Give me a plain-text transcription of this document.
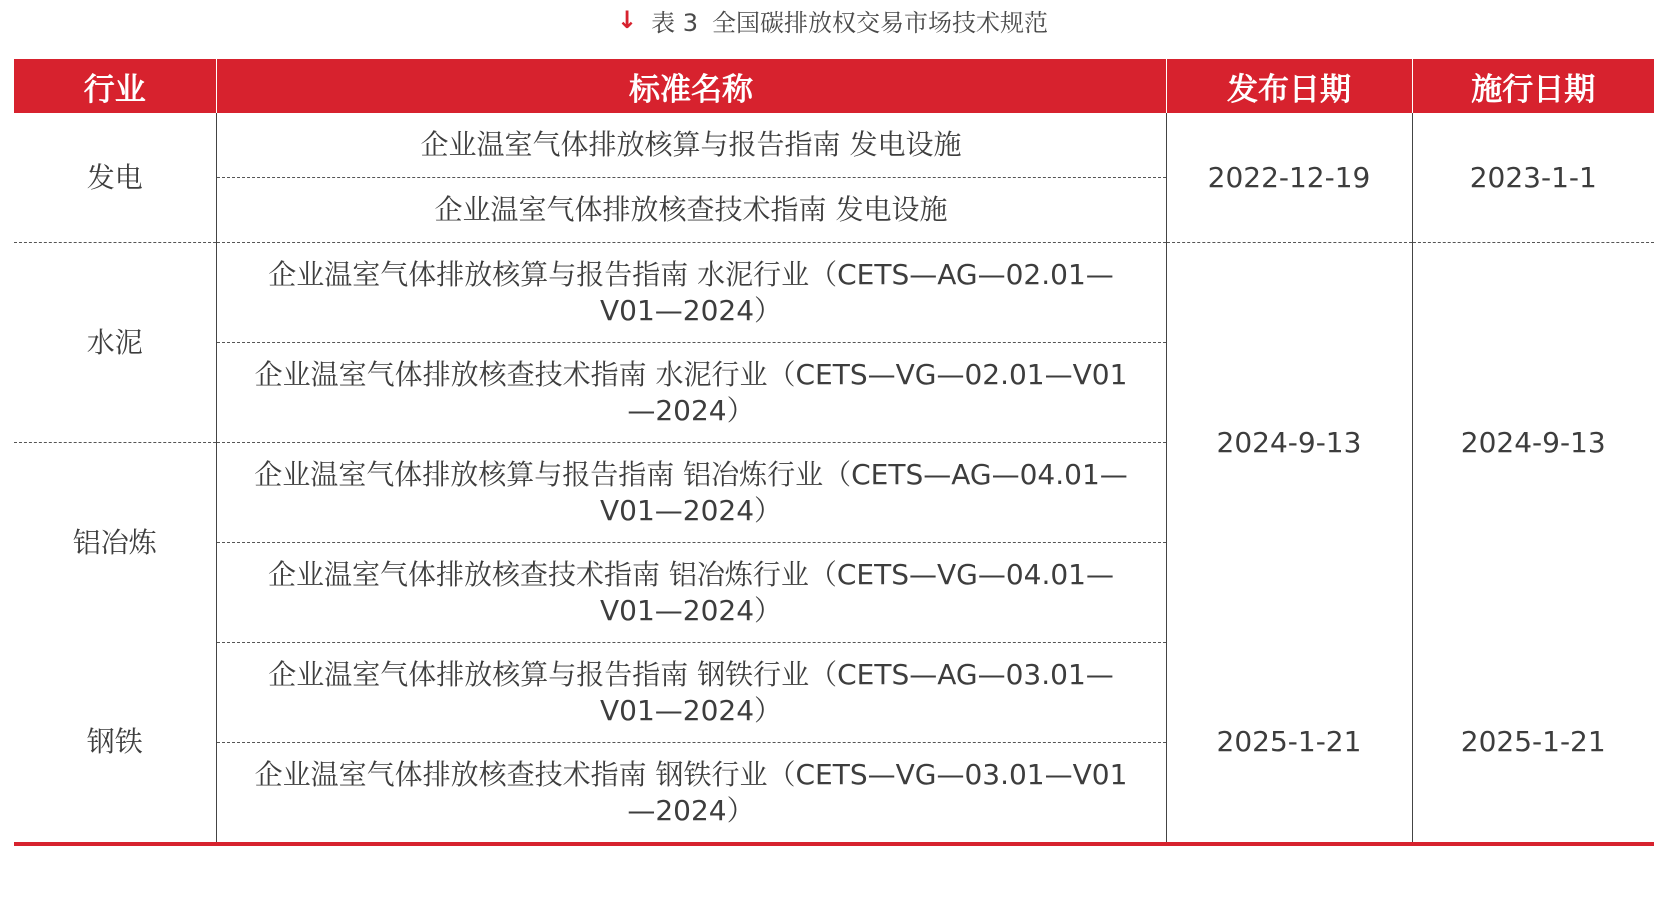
↓ 表 3 全国碳排放权交易市场技术规范
行业	标准名称	发布日期	施行日期
发电	企业温室气体排放核算与报告指南 发电设施	2022-12-19	2023-1-1
	企业温室气体排放核查技术指南 发电设施		
水泥	企业温室气体排放核算与报告指南 水泥行业（CETS—AG—02.01—V01—2024）	2024-9-13	2024-9-13
	企业温室气体排放核查技术指南 水泥行业（CETS—VG—02.01—V01—2024）		
铝冶炼	企业温室气体排放核算与报告指南 铝冶炼行业（CETS—AG—04.01—V01—2024）		
	企业温室气体排放核查技术指南 铝冶炼行业（CETS—VG—04.01—V01—2024）		
钢铁	企业温室气体排放核算与报告指南 钢铁行业（CETS—AG—03.01—V01—2024）	2025-1-21	2025-1-21
	企业温室气体排放核查技术指南 钢铁行业（CETS—VG—03.01—V01—2024）		
